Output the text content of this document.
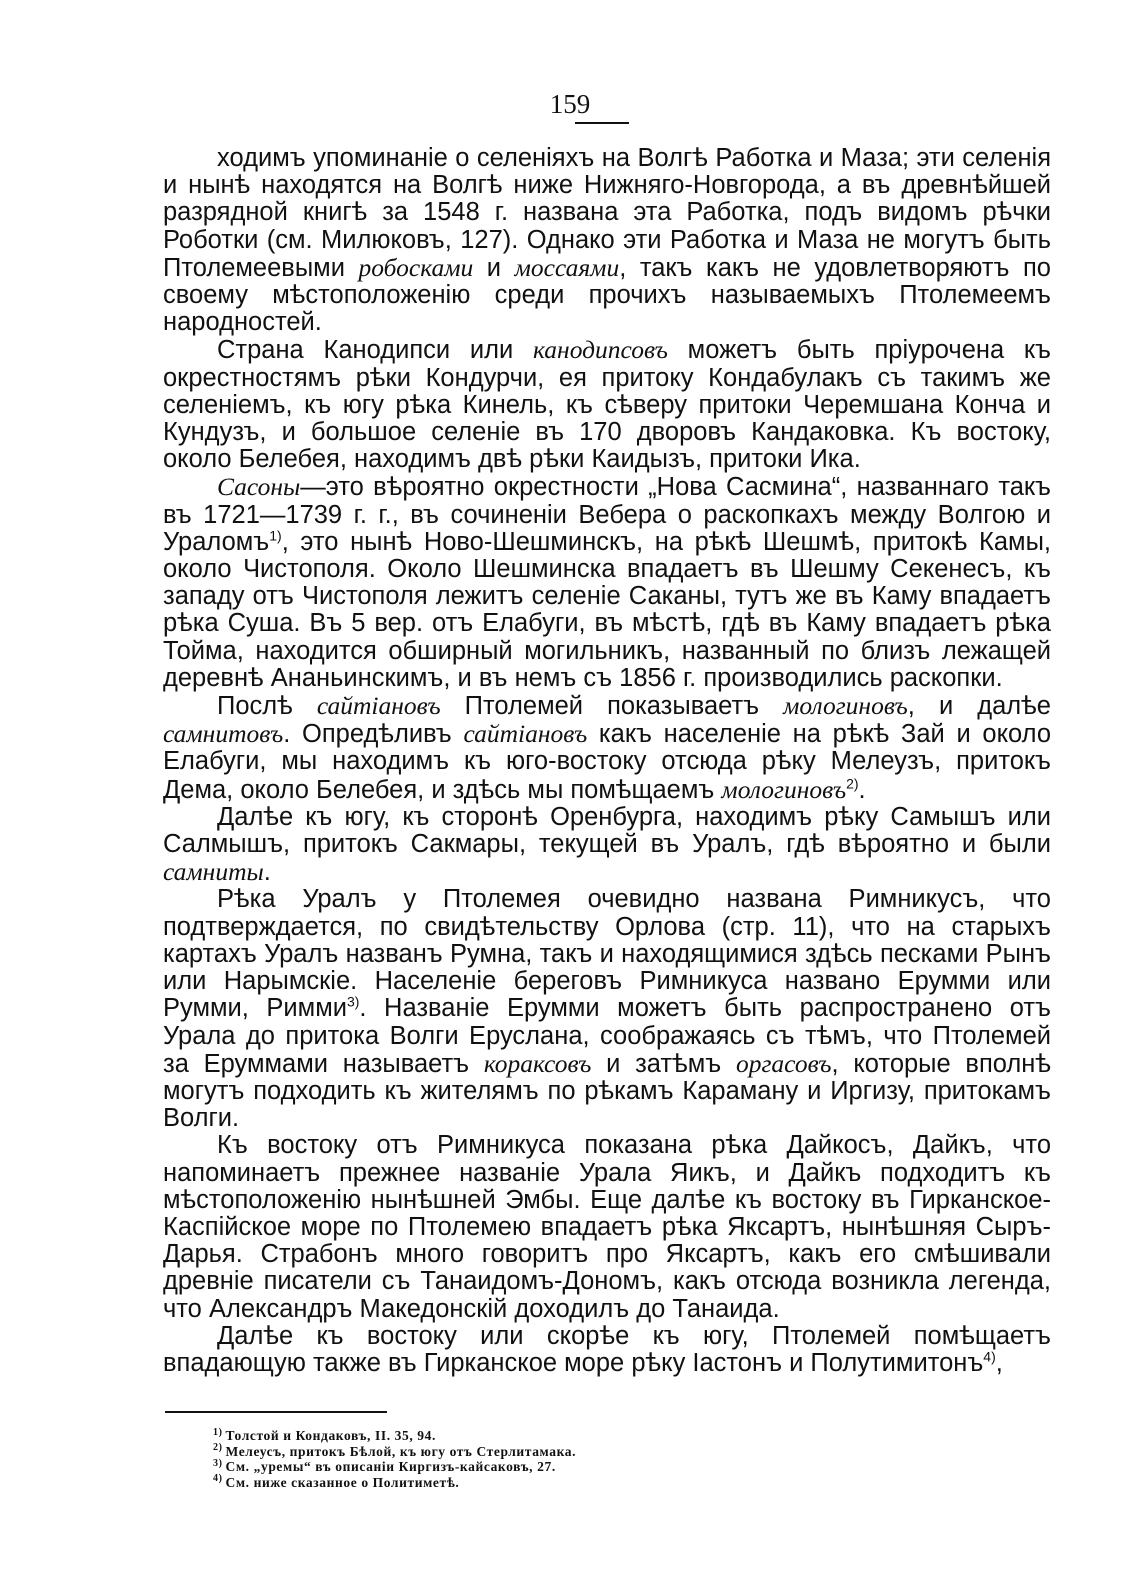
159

ходимъ упоминаніе о селеніяхъ на Волгѣ Работка и Маза; эти селенія и нынѣ находятся на Волгѣ ниже Нижняго-Новгорода, а въ древнѣйшей разрядной книгѣ за 1548 г. названа эта Работка, подъ видомъ рѣчки Роботки (см. Милюковъ, 127). Однако эти Работка и Маза не могутъ быть Птолемеевыми робосками и моссаями, такъ какъ не удовлетворяютъ по своему мѣстоположенію среди прочихъ называемыхъ Птолемеемъ народностей.

Страна Канодипси или канодипсовъ можетъ быть пріурочена къ окрестностямъ рѣки Кондурчи, ея притоку Кондабулакъ съ такимъ же селеніемъ, къ югу рѣка Кинель, къ сѣверу притоки Черемшана Конча и Кундузъ, и большое селеніе въ 170 дворовъ Кандаковка. Къ востоку, около Белебея, находимъ двѣ рѣки Каидызъ, притоки Ика.

Сасоны—это вѣроятно окрестности „Нова Сасмина“, названнаго такъ въ 1721—1739 г. г., въ сочиненіи Вебера о раскопкахъ между Волгою и Ураломъ$^{1)}$, это нынѣ Ново-Шешминскъ, на рѣкѣ Шешмѣ, притокѣ Камы, около Чистополя. Около Шешминска впадаетъ въ Шешму Секенесъ, къ западу отъ Чистополя лежитъ селеніе Саканы, тутъ же въ Каму впадаетъ рѣка Суша. Въ 5 вер. отъ Елабуги, въ мѣстѣ, гдѣ въ Каму впадаетъ рѣка Тойма, находится обширный могильникъ, названный по близъ лежащей деревнѣ Ананьинскимъ, и въ немъ съ 1856 г. производились раскопки.

Послѣ сайтіановъ Птолемей показываетъ мологиновъ, и далѣе самнитовъ. Опредѣливъ сайтіановъ какъ населеніе на рѣкѣ Зай и около Елабуги, мы находимъ къ юго-востоку отсюда рѣку Мелеузъ, притокъ Дема, около Белебея, и здѣсь мы помѣщаемъ мологиновъ$^{2)}$.

Далѣе къ югу, къ сторонѣ Оренбурга, находимъ рѣку Самышъ или Салмышъ, притокъ Сакмары, текущей въ Уралъ, гдѣ вѣроятно и были самниты.

Рѣка Уралъ у Птолемея очевидно названа Римникусъ, что подтверждается, по свидѣтельству Орлова (стр. 11), что на старыхъ картахъ Уралъ названъ Румна, такъ и находящимися здѣсь песками Рынъ или Нарымскіе. Населеніе береговъ Римникуса названо Ерумми или Румми, Римми$^{3)}$. Названіе Ерумми можетъ быть распространено отъ Урала до притока Волги Еруслана, соображаясь съ тѣмъ, что Птолемей за Еруммами называетъ кораксовъ и затѣмъ оргасовъ, которые вполнѣ могутъ подходить къ жителямъ по рѣкамъ Караману и Иргизу, притокамъ Волги.

Къ востоку отъ Римникуса показана рѣка Дайкосъ, Дайкъ, что напоминаетъ прежнее названіе Урала Яикъ, и Дайкъ подходитъ къ мѣстоположенію нынѣшней Эмбы. Еще далѣе къ востоку въ Гирканское-Каспійское море по Птолемею впадаетъ рѣка Яксартъ, нынѣшняя Сыръ-Дарья. Страбонъ много говоритъ про Яксартъ, какъ его смѣшивали древніе писатели съ Танаидомъ-Дономъ, какъ отсюда возникла легенда, что Александръ Македонскій доходилъ до Танаида.

Далѣе къ востоку или скорѣе къ югу, Птолемей помѣщаетъ впадающую также въ Гирканское море рѣку Іастонъ и Полутимитонъ$^{4)}$,

$^{1)}$ Толстой и Кондаковъ, II. 35, 94.
$^{2)}$ Мелеусъ, притокъ Бѣлой, къ югу отъ Стерлитамака.
$^{3)}$ См. „уремы“ въ описаніи Киргизъ-кайсаковъ, 27.
$^{4)}$ См. ниже сказанное о Политиметѣ.
